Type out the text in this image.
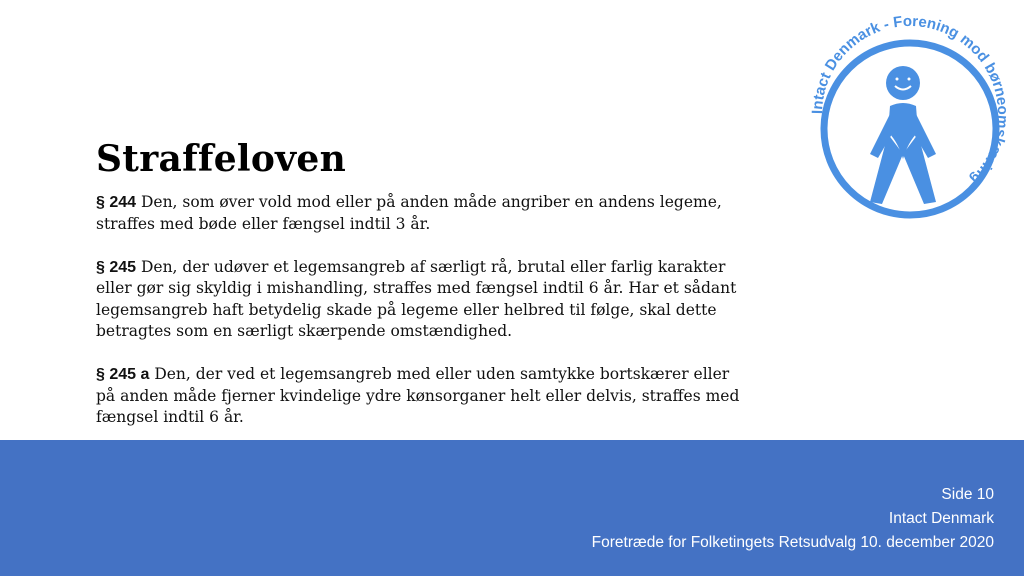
Straffeloven

§ 244 Den, som øver vold mod eller på anden måde angriber en andens legeme,
straffes med bøde eller fængsel indtil 3 år.

§ 245 Den, der udøver et legemsangreb af særligt rå, brutal eller farlig karakter
eller gør sig skyldig i mishandling, straffes med fængsel indtil 6 år. Har et sådant
legemsangreb haft betydelig skade på legeme eller helbred til følge, skal dette
betragtes som en særligt skærpende omstændighed.

§ 245 a Den, der ved et legemsangreb med eller uden samtykke bortskærer eller
på anden måde fjerner kvindelige ydre kønsorganer helt eller delvis, straffes med
fængsel indtil 6 år.

Intact Denmark - Forening mod børneomskæring
Side 10
Intact Denmark
Foretræde for Folketingets Retsudvalg 10. december 2020
